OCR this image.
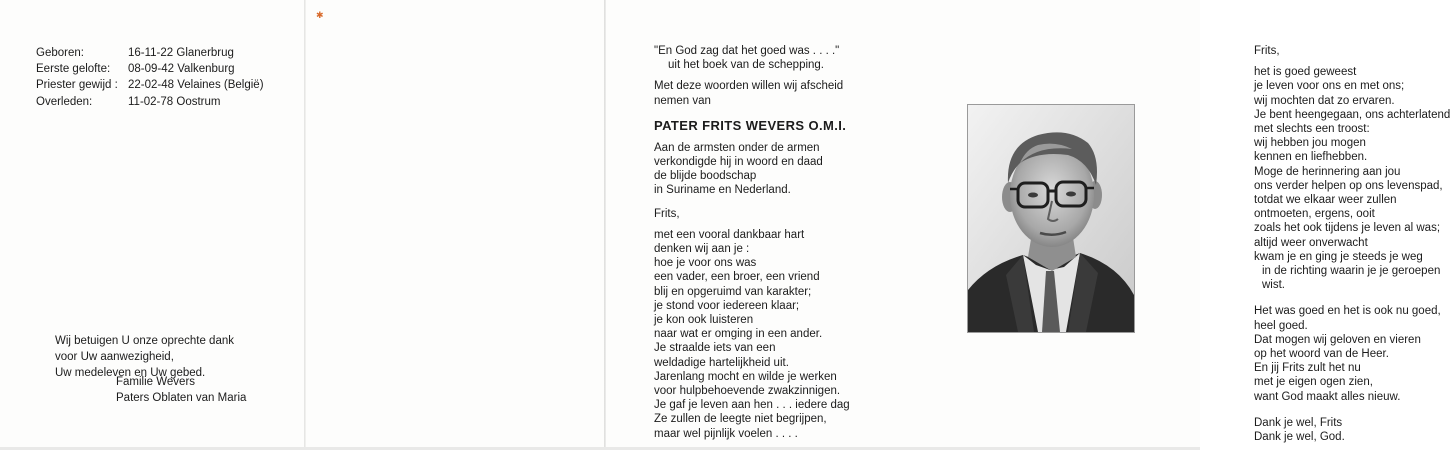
✱
Geboren:	16-11-22 Glanerbrug
Eerste gelofte:	08-09-42 Valkenburg
Priester gewijd : 22-02-48 Velaines (België)
Overleden:	11-02-78 Oostrum
Wij betuigen U onze oprechte dank
voor Uw aanwezigheid,
Uw medeleven en Uw gebed.
Familie Wevers
Paters Oblaten van Maria
"En God zag dat het goed was . . . ."
uit het boek van de schepping.
Met deze woorden willen wij afscheid
nemen van
PATER FRITS WEVERS O.M.I.
Aan de armsten onder de armen
verkondigde hij in woord en daad
de blijde boodschap
in Suriname en Nederland.
Frits,
met een vooral dankbaar hart
denken wij aan je :
hoe je voor ons was
een vader, een broer, een vriend
blij en opgeruimd van karakter;
je stond voor iedereen klaar;
je kon ook luisteren
naar wat er omging in een ander.
Je straalde iets van een
weldadige hartelijkheid uit.
Jarenlang mocht en wilde je werken
voor hulpbehoevende zwakzinnigen.
Je gaf je leven aan hen . . . iedere dag
Ze zullen de leegte niet begrijpen,
maar wel pijnlijk voelen . . . .
Frits,
het is goed geweest
je leven voor ons en met ons;
wij mochten dat zo ervaren.
Je bent heengegaan, ons achterlatend
met slechts een troost:
wij hebben jou mogen
kennen en liefhebben.
Moge de herinnering aan jou
ons verder helpen op ons levenspad,
totdat we elkaar weer zullen
ontmoeten, ergens, ooit
zoals het ook tijdens je leven al was;
altijd weer onverwacht
kwam je en ging je steeds je weg
in de richting waarin je je geroepen
wist.
Het was goed en het is ook nu goed,
heel goed.
Dat mogen wij geloven en vieren
op het woord van de Heer.
En jij Frits zult het nu
met je eigen ogen zien,
want God maakt alles nieuw.
Dank je wel, Frits
Dank je wel, God.
